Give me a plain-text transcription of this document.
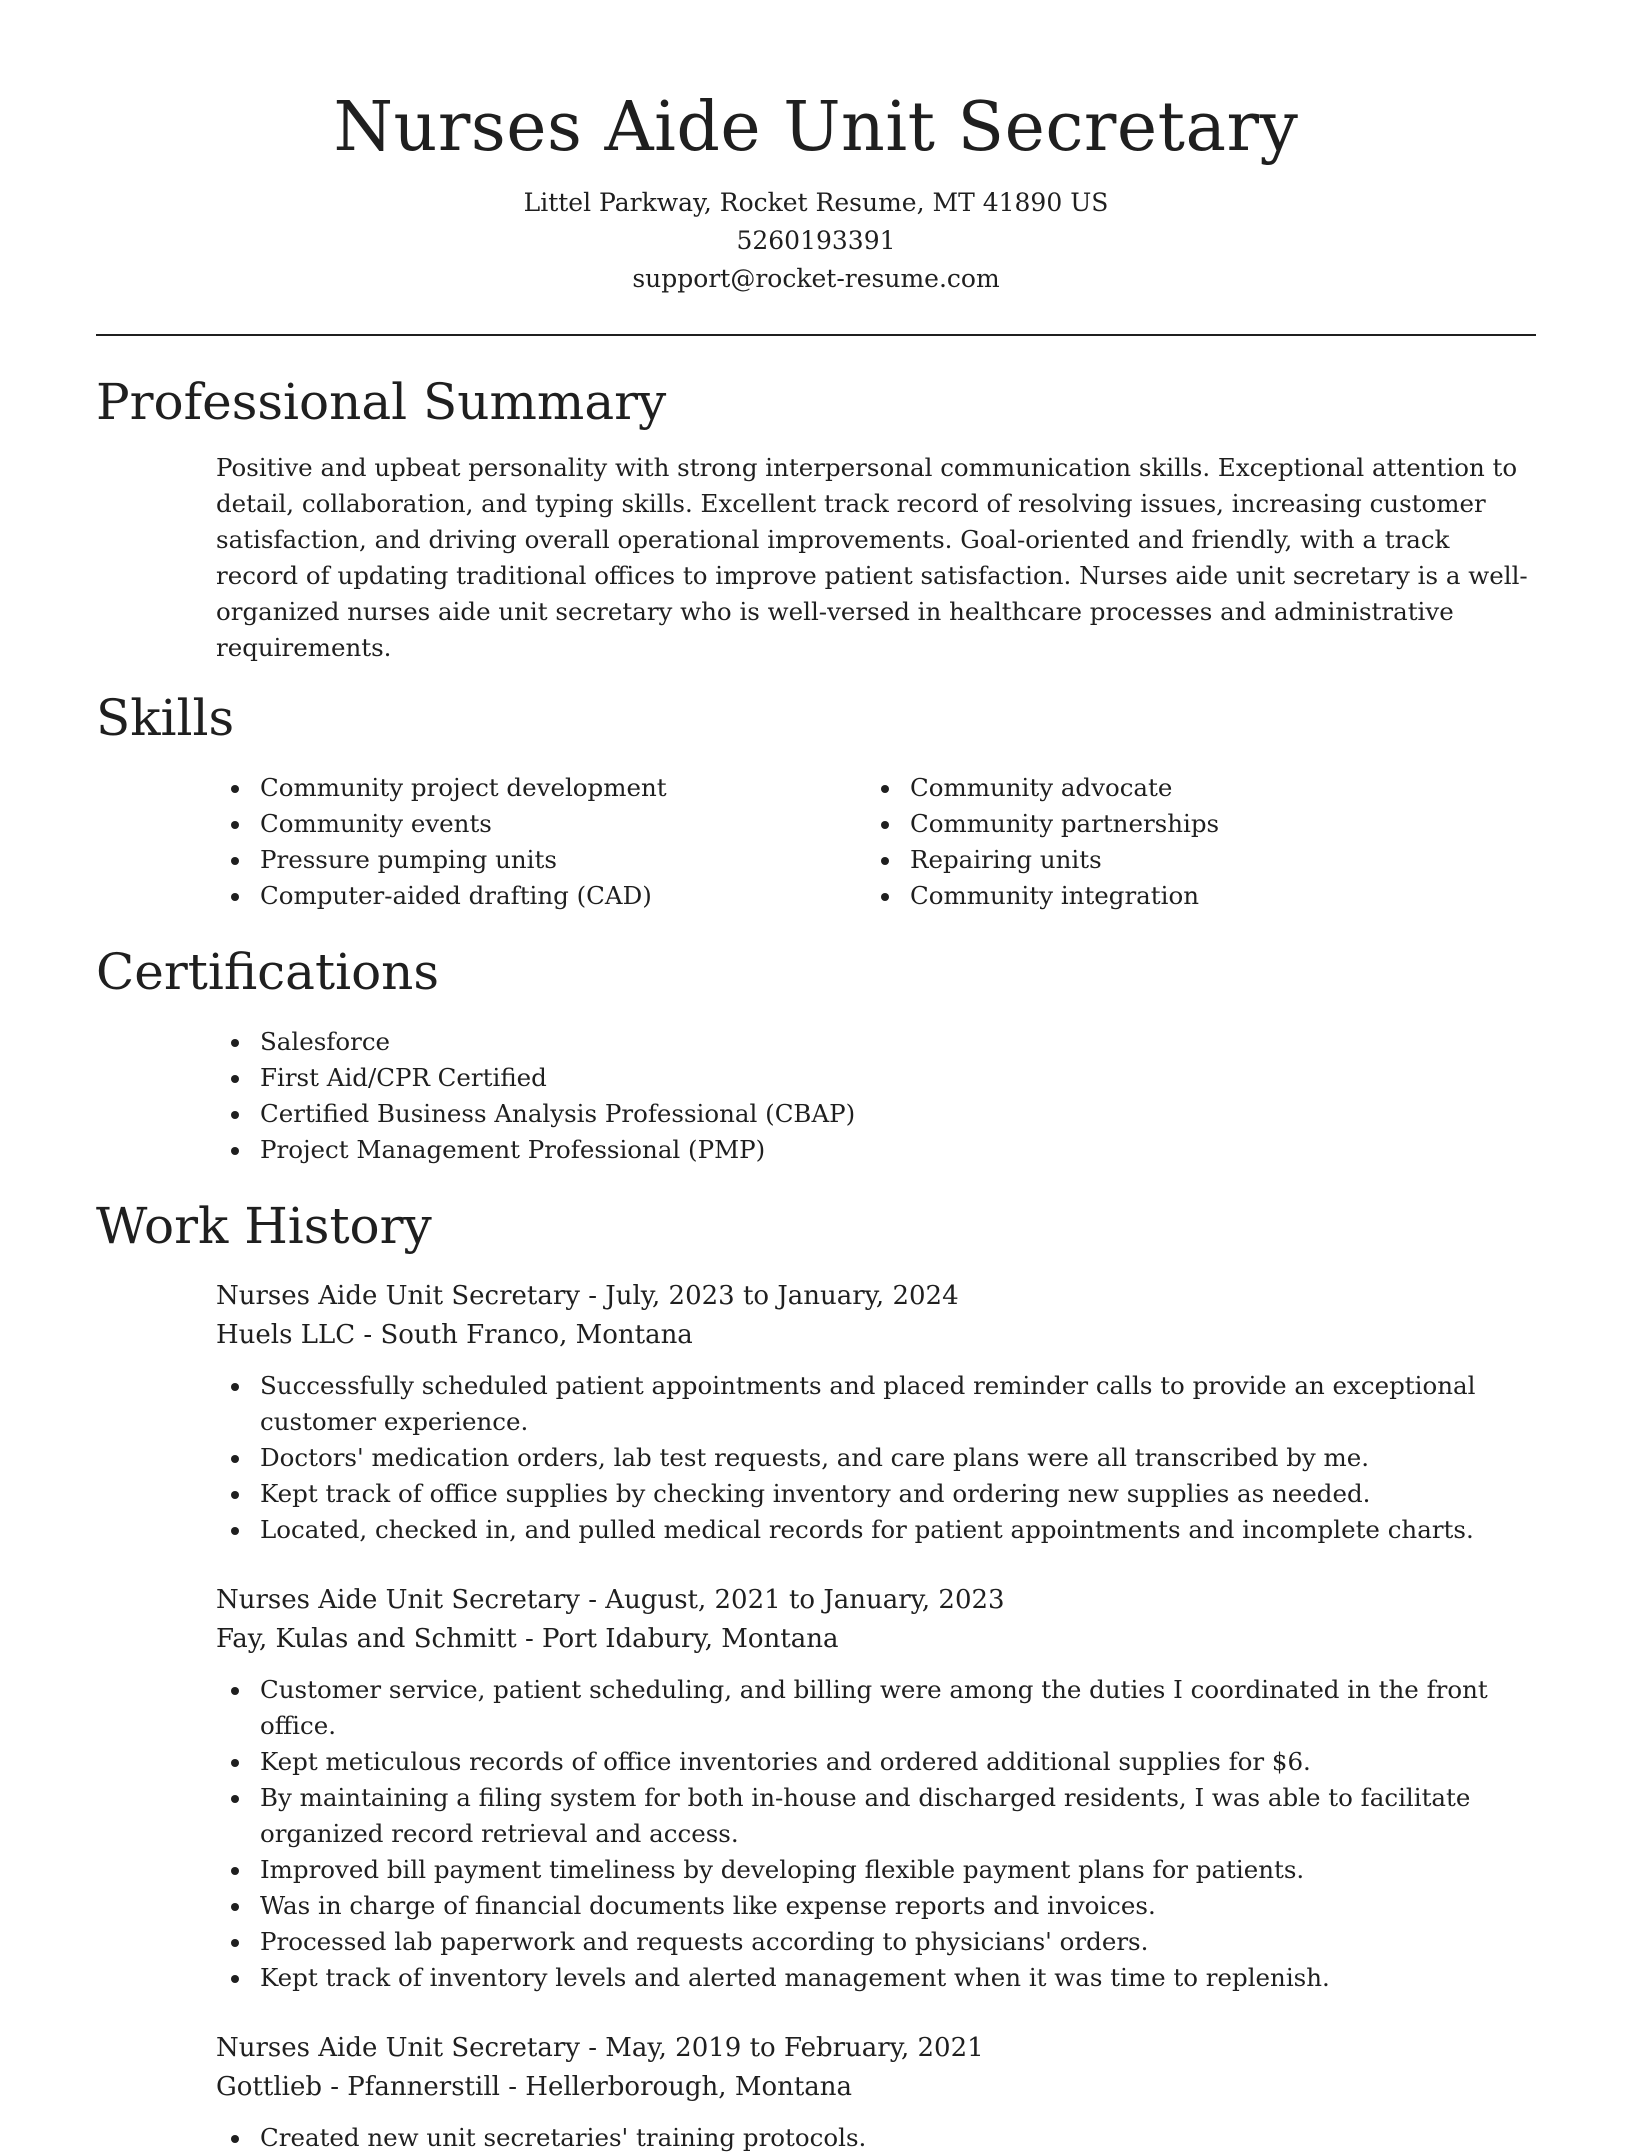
Nurses Aide Unit Secretary
Littel Parkway, Rocket Resume, MT 41890 US
5260193391
support@rocket-resume.com
Professional Summary

Positive and upbeat personality with strong interpersonal communication skills. Exceptional attention to detail, collaboration, and typing skills. Excellent track record of resolving issues, increasing customer satisfaction, and driving overall operational improvements. Goal-oriented and friendly, with a track record of updating traditional offices to improve patient satisfaction. Nurses aide unit secretary is a well-organized nurses aide unit secretary who is well-versed in healthcare processes and administrative requirements.

Skills
Community project development
Community events
Pressure pumping units
Computer-aided drafting (CAD)
Community advocate
Community partnerships
Repairing units
Community integration
Certifications
Salesforce
First Aid/CPR Certified
Certified Business Analysis Professional (CBAP)
Project Management Professional (PMP)
Work History
Nurses Aide Unit Secretary - July, 2023 to January, 2024
Huels LLC - South Franco, Montana
Successfully scheduled patient appointments and placed reminder calls to provide an exceptional customer experience.
Doctors' medication orders, lab test requests, and care plans were all transcribed by me.
Kept track of office supplies by checking inventory and ordering new supplies as needed.
Located, checked in, and pulled medical records for patient appointments and incomplete charts.
Nurses Aide Unit Secretary - August, 2021 to January, 2023
Fay, Kulas and Schmitt - Port Idabury, Montana
Customer service, patient scheduling, and billing were among the duties I coordinated in the front office.
Kept meticulous records of office inventories and ordered additional supplies for $6.
By maintaining a filing system for both in-house and discharged residents, I was able to facilitate organized record retrieval and access.
Improved bill payment timeliness by developing flexible payment plans for patients.
Was in charge of financial documents like expense reports and invoices.
Processed lab paperwork and requests according to physicians' orders.
Kept track of inventory levels and alerted management when it was time to replenish.
Nurses Aide Unit Secretary - May, 2019 to February, 2021
Gottlieb - Pfannerstill - Hellerborough, Montana
Created new unit secretaries' training protocols.
